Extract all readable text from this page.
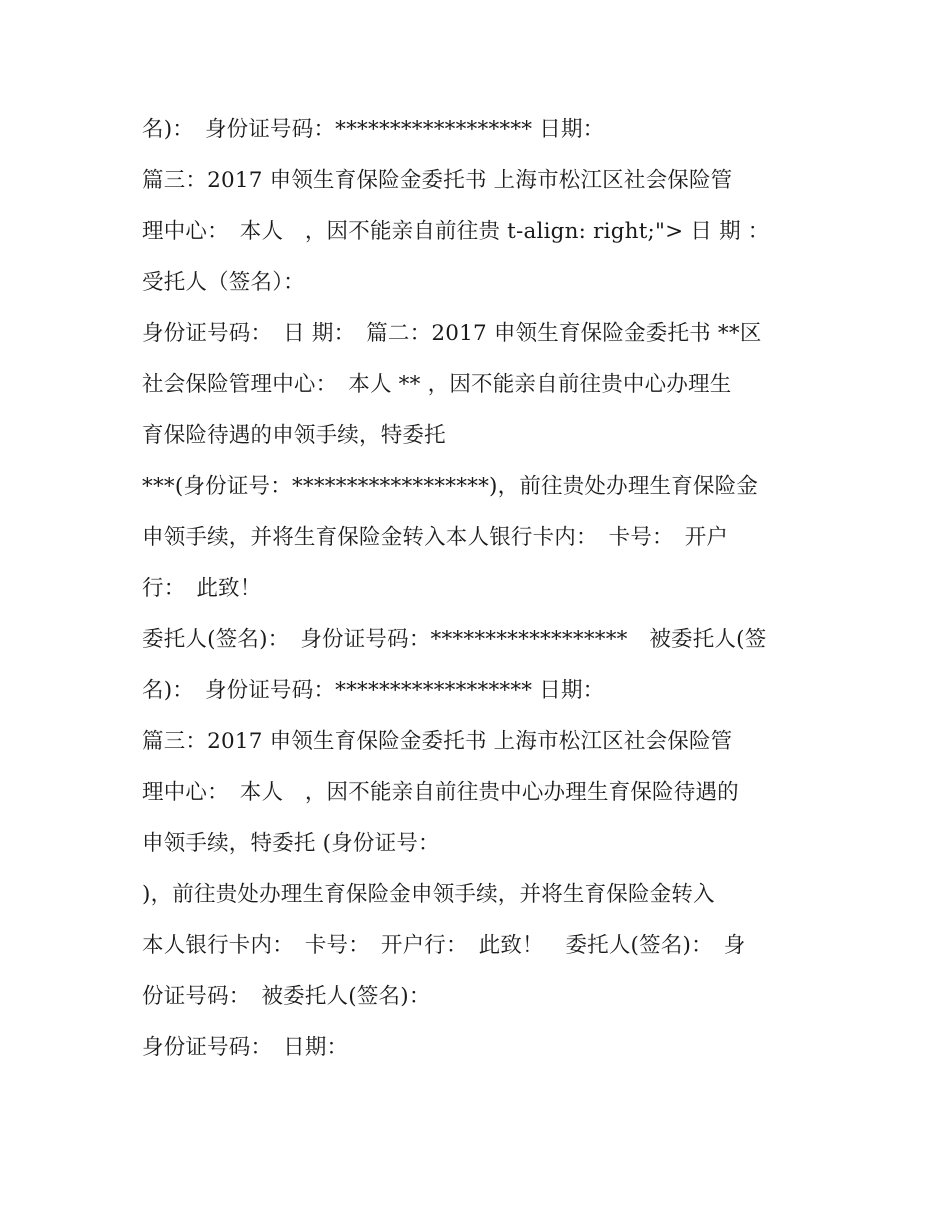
名)：　身份证号码：****************** 日期：
篇三：2017 申领生育保险金委托书 上海市松江区社会保险管
理中心：　本人　，因不能亲自前往贵 t-align: right;"> 日 期 ：
受托人（签名）：
身份证号码：　日 期：　篇二：2017 申领生育保险金委托书 **区
社会保险管理中心：　本人 ** ，因不能亲自前往贵中心办理生
育保险待遇的申领手续，特委托
***(身份证号：******************)，前往贵处办理生育保险金
申领手续，并将生育保险金转入本人银行卡内：　卡号：　开户
行：　此致！
委托人(签名)：　身份证号码：******************　被委托人(签
名)：　身份证号码：****************** 日期：
篇三：2017 申领生育保险金委托书 上海市松江区社会保险管
理中心：　本人　，因不能亲自前往贵中心办理生育保险待遇的
申领手续，特委托 (身份证号：
)，前往贵处办理生育保险金申领手续，并将生育保险金转入
本人银行卡内：　卡号：　开户行：　此致！　委托人(签名)：　身
份证号码：　被委托人(签名)：
身份证号码：　日期：
